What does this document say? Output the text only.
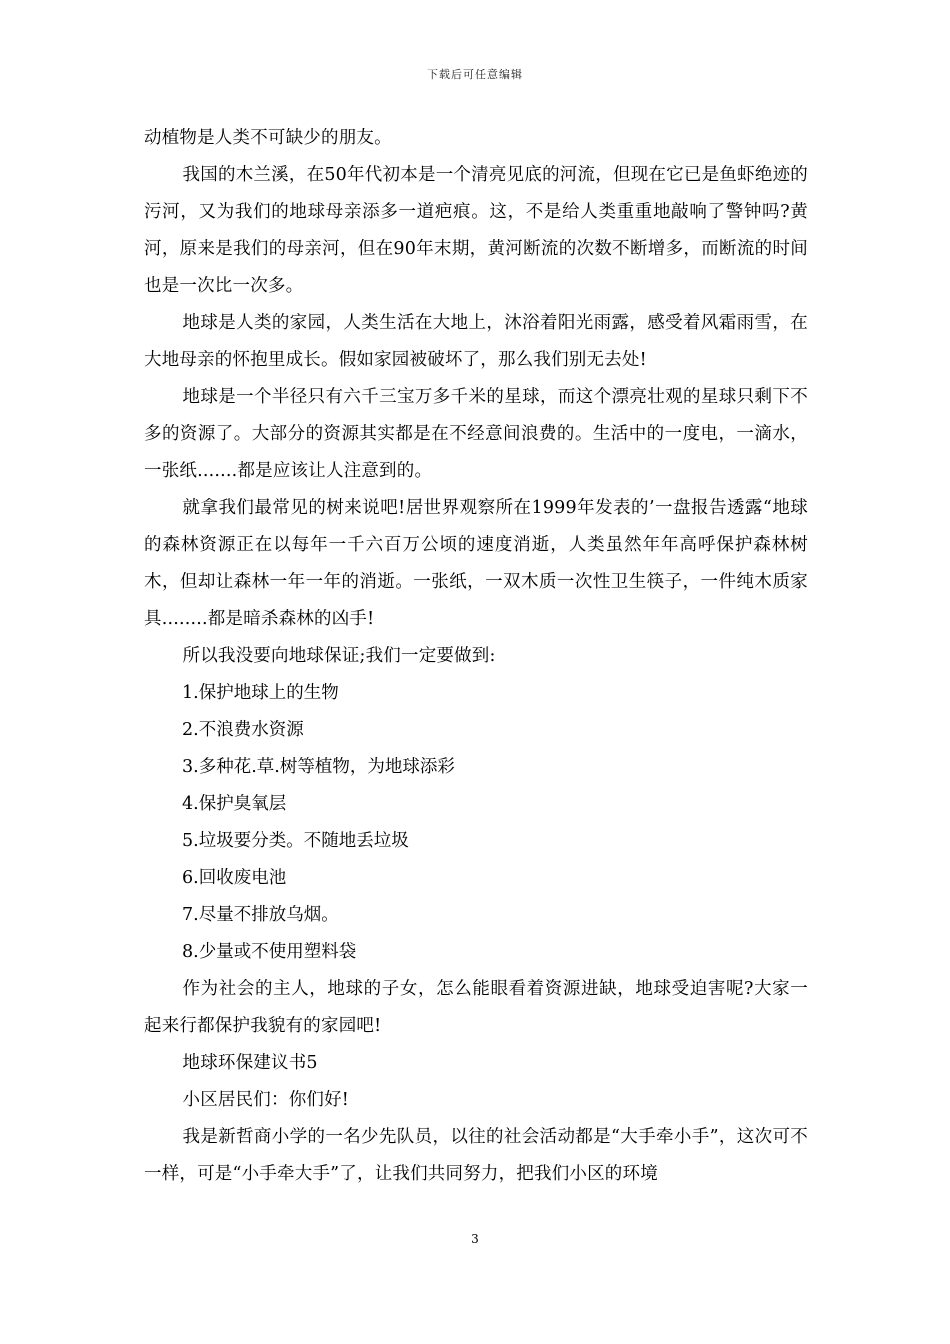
下载后可任意编辑

动植物是人类不可缺少的朋友。

我国的木兰溪，在50年代初本是一个清亮见底的河流，但现在它已是鱼虾绝迹的污河，又为我们的地球母亲添多一道疤痕。这，不是给人类重重地敲响了警钟吗?黄河，原来是我们的母亲河，但在90年末期，黄河断流的次数不断增多，而断流的时间也是一次比一次多。

地球是人类的家园，人类生活在大地上，沐浴着阳光雨露，感受着风霜雨雪，在大地母亲的怀抱里成长。假如家园被破坏了，那么我们别无去处!

地球是一个半径只有六千三宝万多千米的星球，而这个漂亮壮观的星球只剩下不多的资源了。大部分的资源其实都是在不经意间浪费的。生活中的一度电，一滴水，一张纸.......都是应该让人注意到的。

就拿我们最常见的树来说吧!居世界观察所在1999年发表的’一盘报告透露“地球的森林资源正在以每年一千六百万公顷的速度消逝，人类虽然年年高呼保护森林树木，但却让森林一年一年的消逝。一张纸，一双木质一次性卫生筷子，一件纯木质家具........都是暗杀森林的凶手!

所以我没要向地球保证;我们一定要做到:

1.保护地球上的生物

2.不浪费水资源

3.多种花.草.树等植物，为地球添彩

4.保护臭氧层

5.垃圾要分类。不随地丢垃圾

6.回收废电池

7.尽量不排放乌烟。

8.少量或不使用塑料袋

作为社会的主人，地球的子女，怎么能眼看着资源进缺，地球受迫害呢?大家一起来行都保护我貌有的家园吧!

地球环保建议书5

小区居民们：你们好!

我是新哲商小学的一名少先队员，以往的社会活动都是“大手牵小手”，这次可不一样，可是“小手牵大手”了，让我们共同努力，把我们小区的环境

3
